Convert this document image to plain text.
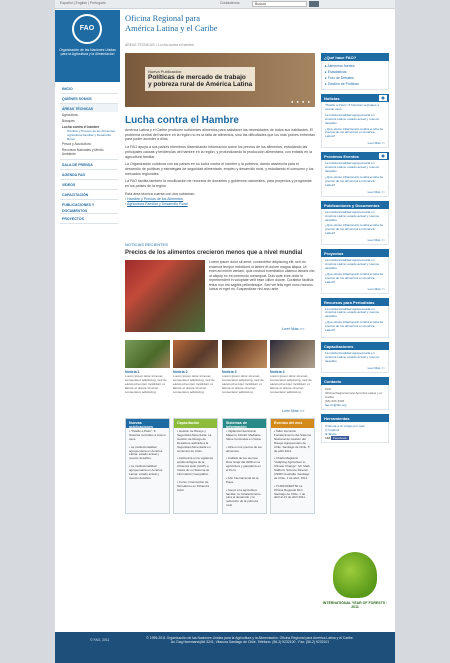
Español | English | Português	Contáctenos	Buscar
FAO
Organización de las Naciones Unidas para la Agricultura y la Alimentación
Oficina Regional para
América Latina y el Caribe
ÁREAS TÉCNICAS > Lucha contra el hambre
INICIO
QUIÉNES SOMOS
ÁREAS TÉCNICAS
Agricultura
Bosques
Lucha contra el hambre
Hambre y Precios de los Alimentos
Agricultura Familiar y Desarrollo Rural
Pesca y Acuicultura
Recursos Naturales y Medio Ambiente
SALA DE PRENSA
AGENDA FAO
VIDEOS
CAPACITACIÓN
PUBLICACIONES Y DOCUMENTOS
PROYECTOS
Nueva Publicación:
Políticas de mercado de trabajo
y pobreza rural de América Latina
● ● ● ●
Lucha contra el Hambre

América Latina y el Caribe producen suficientes alimentos para satisfacer las necesidades de todos sus habitantes. El problema central del hambre en la región no es la falta de alimentos, sino las dificultades que los más pobres enfrentan para poder acceder a ellos.

La FAO apoya a sus países miembros diseminando información sobre los precios de los alimentos, estudiando las principales causas y tendencias del hambre en la región, y profundizando la producción alimentaria, con énfasis en la agricultura familiar.

La Organización colabora con los países en su lucha contra el hambre y la pobreza, dando asistencia para el desarrollo de políticas y estrategias de seguridad alimentaria, empleo y desarrollo rural, y estudiando el consumo y los mercados regionales.

La FAO facilita también la movilización de recursos de donantes y gobiernos nacionales, para proyectos y programas en los países de la región.

Esta área técnica cuenta con dos subáreas:

› Hambre y Precios de los Alimentos

› Agricultura Familiar y Desarrollo Rural

NOTICIAS RECIENTES
Precios de los alimentos crecieron menos que a nivel mundial
Lorem ipsum dolor sit amet, consectetur adipiscing elit, sed do eiusmod tempor incididunt ut labore et dolore magna aliqua. Ut enim ad minim veniam, quis nostrud exercitation ullamco laboris nisi ut aliquip ex ea commodo consequat. Duis aute irure dolor in reprehenderit in voluptate velit esse cillum dolore. Curabitur facilisis tellus non est sagittis pellentesque. Sed vel felis eget nunc rhoncus luctus et eget mi. Suspendisse nisl arcu ante.
Leer Más >>
Noticia 1
Lorem ipsum dolor sit amet, consectetur adipiscing, sed do eiusmod tempor incididunt ut labore et dolore sit amet. consectetur adipiscing
Noticia 2
Lorem ipsum dolor sit amet, consectetur adipiscing, sed do eiusmod tempor incididunt ut labore et dolore sit amet. consectetur adipiscing
Noticia 3
Lorem ipsum dolor sit amet, consectetur adipiscing, sed do eiusmod tempor incididunt ut labore et dolore sit amet. consectetur adipiscing
Noticia 4
Lorem ipsum dolor sit amet, consectetur adipiscing, sed do eiusmod tempor incididunt ut labore et dolore sit amet. consectetur adipiscing
Leer Más >>
Nuevas publicaciones
• "Pasillo a Pasó": 8 historias vecinales a cosmo usos.

• La institucionalidad agropecuaria en América Latina: estado actual y nuevos desafíos.

• La institucionalidad agropecuaria en América Latina: estado actual y nuevos desafíos
Capacitación
• Gestión de Riesgo y Seguridad Alimentaria: La Gestión de Riesgo de Desastres aplicada a la Seguridad Alimentaria en contextos de crisis.

• Asistencia en la vigilancia epidemiológica de la influenza aviar (IAAP) a través de un Sistema de Información Geográfico.

• Curso: Intercambio de Simulacros en Influenza Aviar
Sistemas de Información
• Vigilancia Nutricional Materno Infantil: Mediante Sitios Centinelas en Cuba.

• Alza en los precios de los alimentos.

• Análisis de los eternos Ríos Grajú del 2008 en la agricultura y ganadería en el Perú.

• Año Internacional de la Papa.

• Apoyo a la agricultura familiar, su fortalecimiento para el desarrollo y la reducción de la pobreza rural
Eventos del mes
• Taller Fecunda Fortalecimiento del Sistema Nacional de Gestión del Riesgo Agropecuario de Chile. Santiago de Chile, 5 de abril 2011.

• Charla Magistral "Adapting Agriculture to Climate Change". Mr. Mark Stafford, Science Director CSIRO Australia. Santiago de Chile, 1 de abril, 2011.

• TCM/FODEPITE La Oficina Regional RLC Santiago de Chile, 7 de abril al 13 de abril 2011.
¿Qué hace FAO?
▸ Alimentos fuertes
▸ Estadísticas
▸ Foro de Debates
▸ Gestión de Políticas
Noticias	◉
"Pasillo a Pasó": 8 historias vecinales a cosmo usos.
La institucionalidad agropecuaria en América Latina: estado actual y nuevos desafíos.
¿Qué efecto inflacionario tendrá el alza de precios de los alimentos en América Latina?
Leer Más >>
Próximos Eventos	◉
La institucionalidad agropecuaria en América Latina: estado actual y nuevos desafíos.
¿Qué efecto inflacionario tendrá el alza de precios de los alimentos en América Latina?
Leer Más >>
Publicaciones y Documentos
La institucionalidad agropecuaria en América Latina: estado actual y nuevos desafíos.
¿Qué efecto inflacionario tendrá el alza de precios de los alimentos en América Latina?
Leer Más >>
Proyectos
La institucionalidad agropecuaria en América Latina: estado actual y nuevos desafíos.
¿Qué efecto inflacionario tendrá el alza de precios de los alimentos en América Latina?
Leer Más >>
Recursos para Periodistas
La institucionalidad agropecuaria en América Latina: estado actual y nuevos desafíos.
¿Qué efecto inflacionario tendrá el alza de precios de los alimentos en América Latina?
Capacitaciones
La institucionalidad agropecuaria en América Latina: estado actual y nuevos desafíos.
Leer Más >>
Contacto
FAO
Oficina Regional para América Latina y el Caribe
(56) 223 3323
fao-rlc@fao.org
Herramientas
✉ Envía a un amigo por mail
⎙ Imprimir
⊕ Share
183 Facebook
INTERNATIONAL YEAR OF FORESTS · 2011
© FAO, 2011	© 1995-2011 Organización de las Naciones Unidas para la Agricultura y la Alimentación. Oficina Regional para América Latina y el Caribe. Av. Dag Hammarskjöld 3241, Vitacura Santiago de Chile. Teléfono: (56-2) 9232100 - Fax: (56-2) 9232101
